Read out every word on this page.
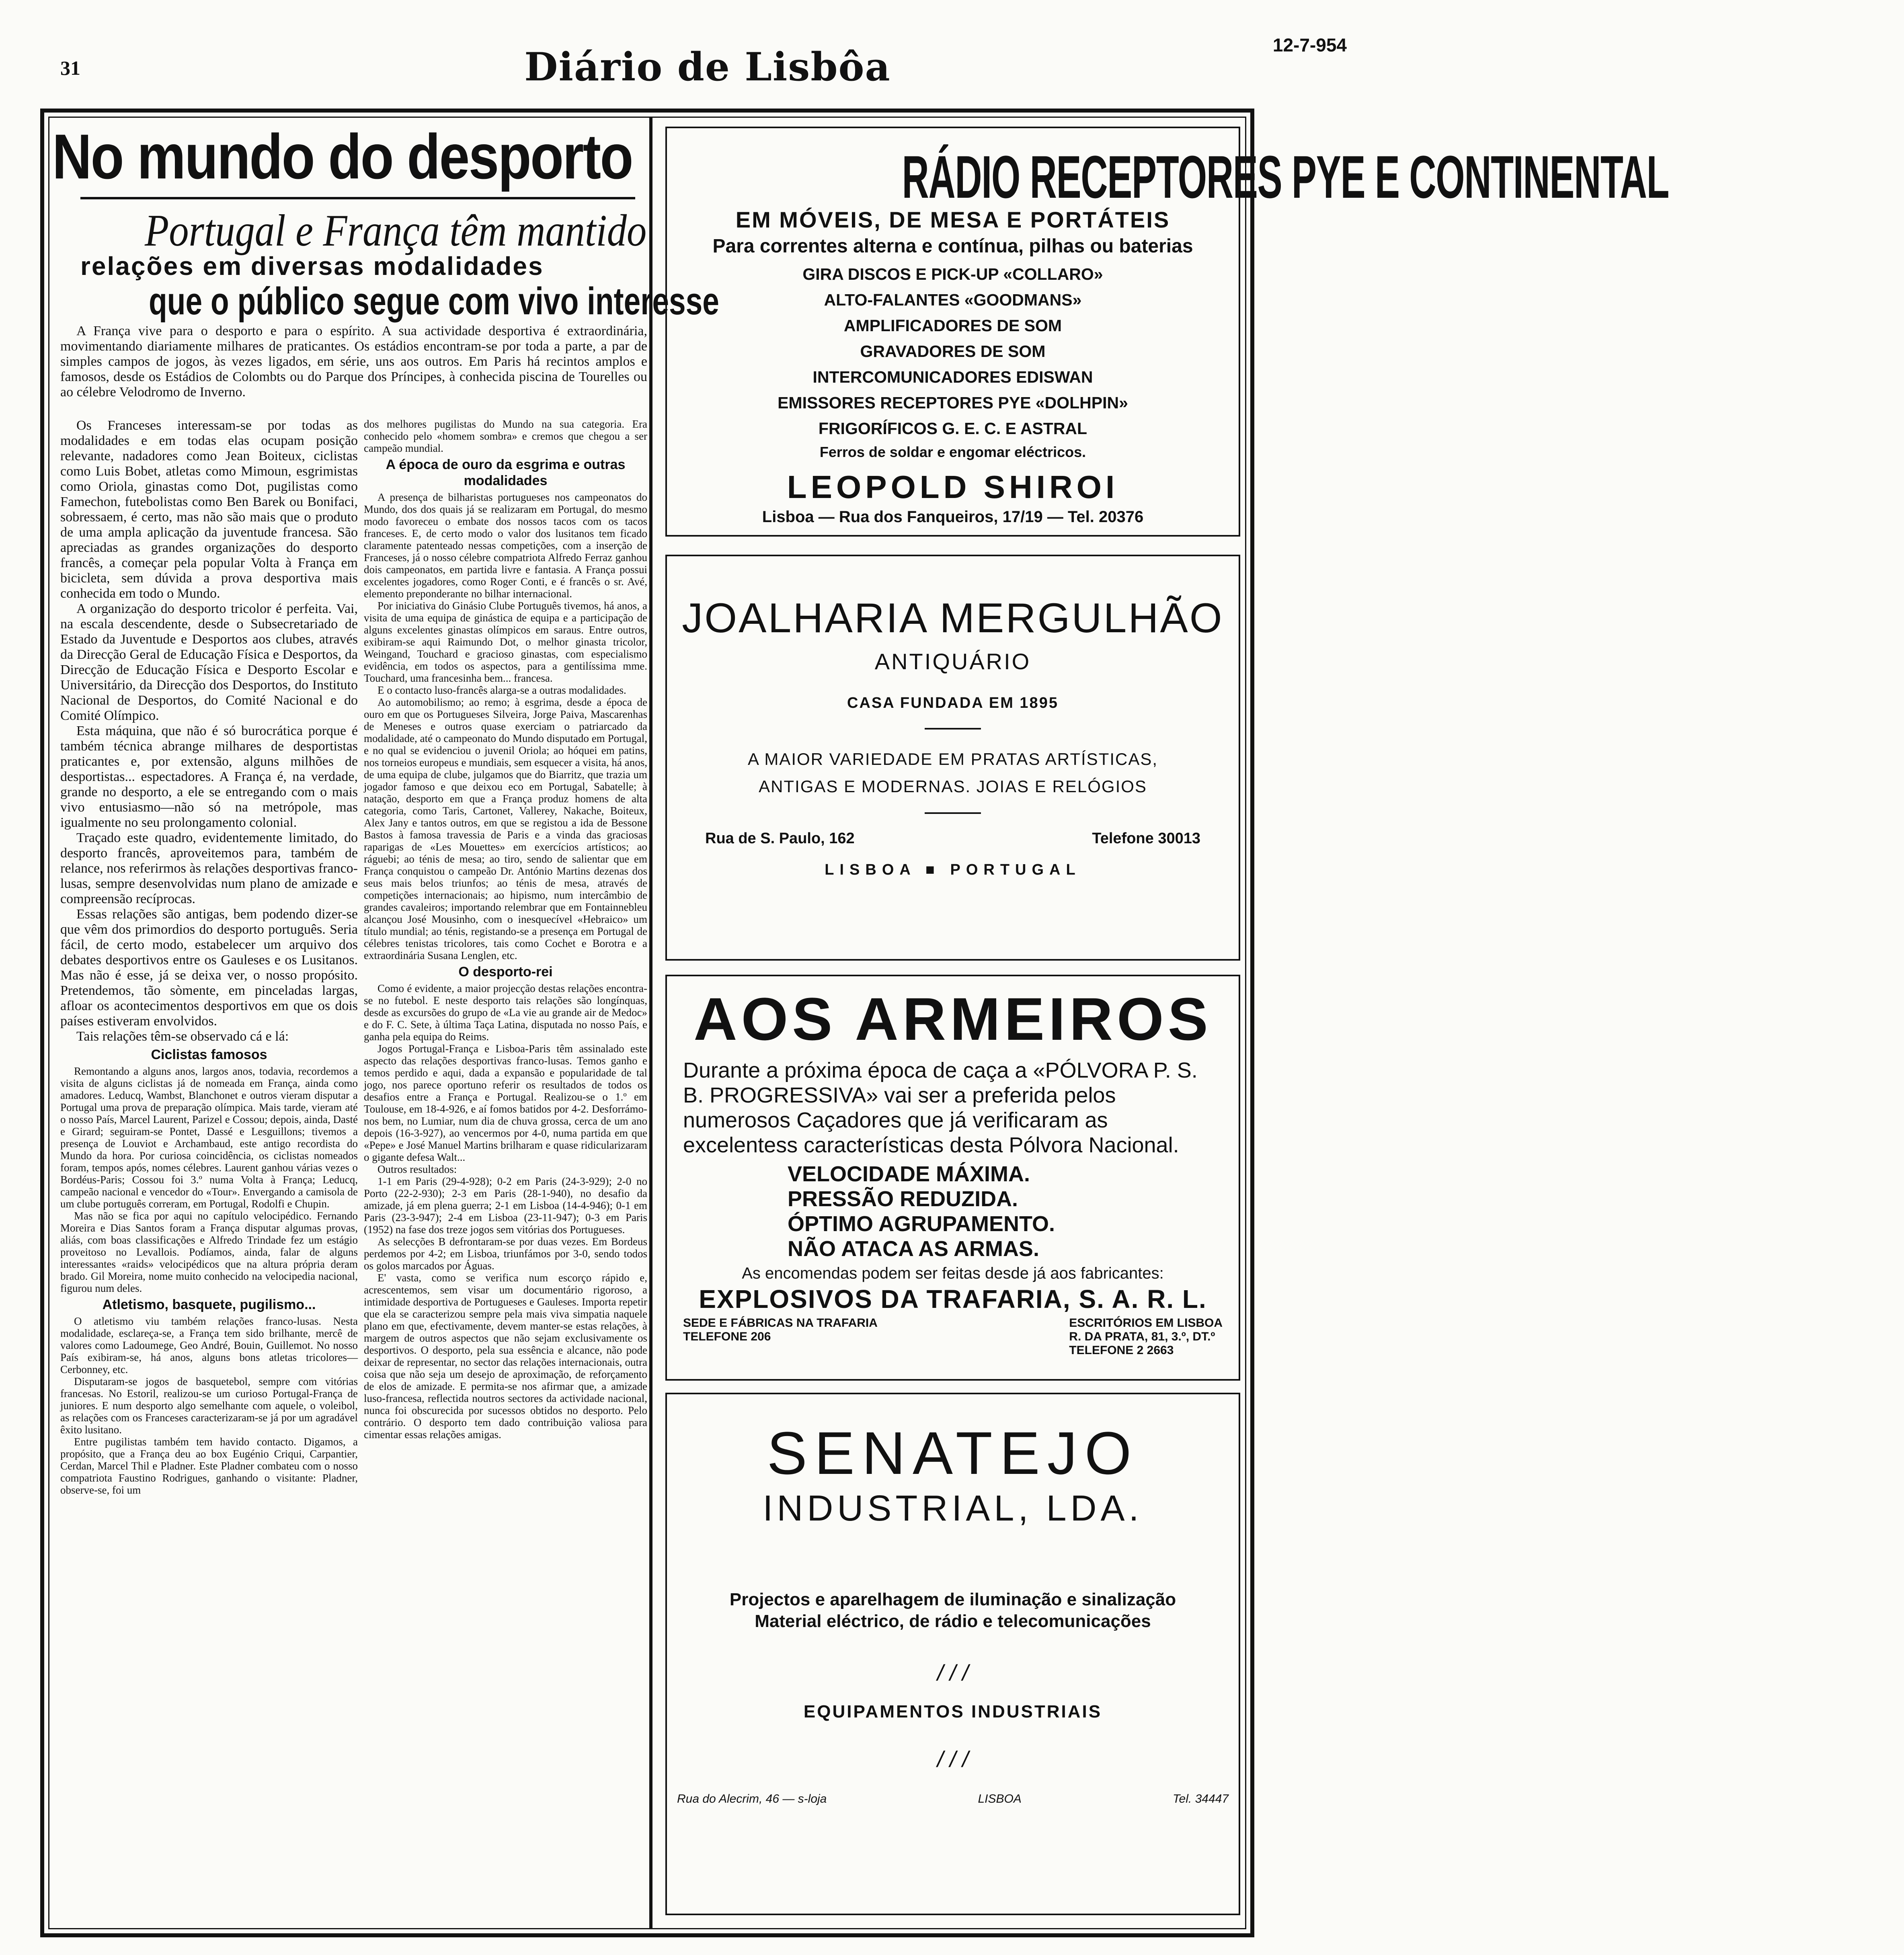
31	Diário de Lisbôa	12-7-954
No mundo do desporto
Portugal e França têm mantido
relações em diversas modalidades
que o público segue com vivo interesse

A França vive para o desporto e para o espírito. A sua actividade desportiva é extraordinária, movimentando diariamente milhares de praticantes. Os estádios encontram-se por toda a parte, a par de simples campos de jogos, às vezes ligados, em série, uns aos outros. Em Paris há recintos amplos e famosos, desde os Estádios de Colombts ou do Parque dos Príncipes, à conhecida piscina de Tourelles ou ao célebre Velodromo de Inverno.

Os Franceses interessam-se por todas as modalidades e em todas elas ocupam posição relevante, nadadores como Jean Boiteux, ciclistas como Luis Bobet, atletas como Mimoun, esgrimistas como Oriola, ginastas como Dot, pugilistas como Famechon, futebolistas como Ben Barek ou Bonifaci, sobressaem, é certo, mas não são mais que o produto de uma ampla aplicação da juventude francesa. São apreciadas as grandes organizações do desporto francês, a começar pela popular Volta à França em bicicleta, sem dúvida a prova desportiva mais conhecida em todo o Mundo.

A organização do desporto tricolor é perfeita. Vai, na escala descendente, desde o Subsecretariado de Estado da Juventude e Desportos aos clubes, através da Direcção Geral de Educação Física e Desportos, da Direcção de Educação Física e Desporto Escolar e Universitário, da Direcção dos Desportos, do Instituto Nacional de Desportos, do Comité Nacional e do Comité Olímpico.

Esta máquina, que não é só burocrática porque é também técnica abrange milhares de desportistas praticantes e, por extensão, alguns milhões de desportistas... espectadores. A França é, na verdade, grande no desporto, a ele se entregando com o mais vivo entusiasmo—não só na metrópole, mas igualmente no seu prolongamento colonial.

Traçado este quadro, evidentemente limitado, do desporto francês, aproveitemos para, também de relance, nos referirmos às relações desportivas franco-lusas, sempre desenvolvidas num plano de amizade e compreensão recíprocas.

Essas relações são antigas, bem podendo dizer-se que vêm dos primordios do desporto português. Seria fácil, de certo modo, estabelecer um arquivo dos debates desportivos entre os Gauleses e os Lusitanos. Mas não é esse, já se deixa ver, o nosso propósito. Pretendemos, tão sòmente, em pinceladas largas, afloar os acontecimentos desportivos em que os dois países estiveram envolvidos.

Tais relações têm-se observado cá e lá:

Ciclistas famosos

Remontando a alguns anos, largos anos, todavia, recordemos a visita de alguns ciclistas já de nomeada em França, ainda como amadores. Leducq, Wambst, Blanchonet e outros vieram disputar a Portugal uma prova de preparação olímpica. Mais tarde, vieram até o nosso País, Marcel Laurent, Parizel e Cossou; depois, ainda, Dasté e Girard; seguiram-se Pontet, Dassé e Lesguillons; tivemos a presença de Louviot e Archambaud, este antigo recordista do Mundo da hora. Por curiosa coincidência, os ciclistas nomeados foram, tempos após, nomes célebres. Laurent ganhou várias vezes o Bordéus-Paris; Cossou foi 3.º numa Volta à França; Leducq, campeão nacional e vencedor do «Tour». Envergando a camisola de um clube português correram, em Portugal, Rodolfi e Chupin.

Mas não se fica por aqui no capítulo velocipédico. Fernando Moreira e Dias Santos foram a França disputar algumas provas, aliás, com boas classificações e Alfredo Trindade fez um estágio proveitoso no Levallois. Podíamos, ainda, falar de alguns interessantes «raids» velocipédicos que na altura própria deram brado. Gil Moreira, nome muito conhecido na velocipedia nacional, figurou num deles.

Atletismo, basquete, pugilismo...

O atletismo viu também relações franco-lusas. Nesta modalidade, esclareça-se, a França tem sido brilhante, mercê de valores como Ladoumege, Geo André, Bouin, Guillemot. No nosso País exibiram-se, há anos, alguns bons atletas tricolores—Cerbonney, etc.

Disputaram-se jogos de basquetebol, sempre com vitórias francesas. No Estoril, realizou-se um curioso Portugal-França de juniores. E num desporto algo semelhante com aquele, o voleibol, as relações com os Franceses caracterizaram-se já por um agradável êxito lusitano.

Entre pugilistas também tem havido contacto. Digamos, a propósito, que a França deu ao box Eugénio Criqui, Carpantier, Cerdan, Marcel Thil e Pladner. Este Pladner combateu com o nosso compatriota Faustino Rodrigues, ganhando o visitante: Pladner, observe-se, foi um

dos melhores pugilistas do Mundo na sua categoria. Era conhecido pelo «homem sombra» e cremos que chegou a ser campeão mundial.

A época de ouro da esgrima e outras modalidades

A presença de bilharistas portugueses nos campeonatos do Mundo, dos dos quais já se realizaram em Portugal, do mesmo modo favoreceu o embate dos nossos tacos com os tacos franceses. E, de certo modo o valor dos lusitanos tem ficado claramente patenteado nessas competições, com a inserção de Franceses, já o nosso célebre compatriota Alfredo Ferraz ganhou dois campeonatos, em partida livre e fantasia. A França possui excelentes jogadores, como Roger Conti, e é francês o sr. Avé, elemento preponderante no bilhar internacional.

Por iniciativa do Ginásio Clube Português tivemos, há anos, a visita de uma equipa de ginástica de equipa e a participação de alguns excelentes ginastas olímpicos em saraus. Entre outros, exibiram-se aqui Raimundo Dot, o melhor ginasta tricolor, Weingand, Touchard e gracioso ginastas, com especialismo evidência, em todos os aspectos, para a gentilíssima mme. Touchard, uma francesinha bem... francesa.

E o contacto luso-francês alarga-se a outras modalidades.

Ao automobilismo; ao remo; à esgrima, desde a época de ouro em que os Portugueses Silveira, Jorge Paiva, Mascarenhas de Meneses e outros quase exerciam o patriarcado da modalidade, até o campeonato do Mundo disputado em Portugal, e no qual se evidenciou o juvenil Oriola; ao hóquei em patins, nos torneios europeus e mundiais, sem esquecer a visita, há anos, de uma equipa de clube, julgamos que do Biarritz, que trazia um jogador famoso e que deixou eco em Portugal, Sabatelle; à natação, desporto em que a França produz homens de alta categoria, como Taris, Cartonet, Vallerey, Nakache, Boiteux, Alex Jany e tantos outros, em que se registou a ida de Bessone Bastos à famosa travessia de Paris e a vinda das graciosas raparigas de «Les Mouettes» em exercícios artísticos; ao ráguebi; ao ténis de mesa; ao tiro, sendo de salientar que em França conquistou o campeão Dr. António Martins dezenas dos seus mais belos triunfos; ao ténis de mesa, através de competições internacionais; ao hipismo, num intercâmbio de grandes cavaleiros; importando relembrar que em Fontainnebleu alcançou José Mousinho, com o inesquecível «Hebraico» um título mundial; ao ténis, registando-se a presença em Portugal de célebres tenistas tricolores, tais como Cochet e Borotra e a extraordinária Susana Lenglen, etc.

O desporto-rei

Como é evidente, a maior projecção destas relações encontra-se no futebol. E neste desporto tais relações são longínquas, desde as excursões do grupo de «La vie au grande air de Medoc» e do F. C. Sete, à última Taça Latina, disputada no nosso País, e ganha pela equipa do Reims.

Jogos Portugal-França e Lisboa-Paris têm assinalado este aspecto das relações desportivas franco-lusas. Temos ganho e temos perdido e aqui, dada a expansão e popularidade de tal jogo, nos parece oportuno referir os resultados de todos os desafios entre a França e Portugal. Realizou-se o 1.º em Toulouse, em 18-4-926, e aí fomos batidos por 4-2. Desforrámo-nos bem, no Lumiar, num dia de chuva grossa, cerca de um ano depois (16-3-927), ao vencermos por 4-0, numa partida em que «Pepe» e José Manuel Martins brilharam e quase ridicularizaram o gigante defesa Walt...

Outros resultados:

1-1 em Paris (29-4-928); 0-2 em Paris (24-3-929); 2-0 no Porto (22-2-930); 2-3 em Paris (28-1-940), no desafio da amizade, já em plena guerra; 2-1 em Lisboa (14-4-946); 0-1 em Paris (23-3-947); 2-4 em Lisboa (23-11-947); 0-3 em Paris (1952) na fase dos treze jogos sem vitórias dos Portugueses.

As selecções B defrontaram-se por duas vezes. Em Bordeus perdemos por 4-2; em Lisboa, triunfámos por 3-0, sendo todos os golos marcados por Águas.

E' vasta, como se verifica num escorço rápido e, acrescentemos, sem visar um documentário rigoroso, a intimidade desportiva de Portugueses e Gauleses. Importa repetir que ela se caracterizou sempre pela mais viva simpatia naquele plano em que, efectivamente, devem manter-se estas relações, à margem de outros aspectos que não sejam exclusivamente os desportivos. O desporto, pela sua essência e alcance, não pode deixar de representar, no sector das relações internacionais, outra coisa que não seja um desejo de aproximação, de reforçamento de elos de amizade. E permita-se nos afirmar que, a amizade luso-francesa, reflectida noutros sectores da actividade nacional, nunca foi obscurecida por sucessos obtidos no desporto. Pelo contrário. O desporto tem dado contribuição valiosa para cimentar essas relações amigas.

RÁDIO RECEPTORES PYE E CONTINENTAL
EM MÓVEIS, DE MESA E PORTÁTEIS
Para correntes alterna e contínua, pilhas ou baterias
GIRA DISCOS E PICK-UP «COLLARO»
ALTO-FALANTES «GOODMANS»
AMPLIFICADORES DE SOM
GRAVADORES DE SOM
INTERCOMUNICADORES EDISWAN
EMISSORES RECEPTORES PYE «DOLHPIN»
FRIGORÍFICOS G. E. C. E ASTRAL
Ferros de soldar e engomar eléctricos.
LEOPOLD SHIROI
Lisboa — Rua dos Fanqueiros, 17/19 — Tel. 20376
JOALHARIA MERGULHÃO
ANTIQUÁRIO
CASA FUNDADA EM 1895
A MAIOR VARIEDADE EM PRATAS ARTÍSTICAS,
ANTIGAS E MODERNAS. JOIAS E RELÓGIOS
Rua de S. Paulo, 162	Telefone 30013
LISBOA ■ PORTUGAL
AOS ARMEIROS
Durante a próxima época de caça a «PÓLVORA P. S. B. PROGRESSIVA» vai ser a preferida pelos numerosos Caçadores que já verificaram as excelentess características desta Pólvora Nacional.
VELOCIDADE MÁXIMA.
PRESSÃO REDUZIDA.
ÓPTIMO AGRUPAMENTO.
NÃO ATACA AS ARMAS.
As encomendas podem ser feitas desde já aos fabricantes:
EXPLOSIVOS DA TRAFARIA, S. A. R. L.
SEDE E FÁBRICAS NA TRAFARIA
TELEFONE 206
ESCRITÓRIOS EM LISBOA
R. DA PRATA, 81, 3.º, DT.º
TELEFONE 2 2663
SENATEJO
INDUSTRIAL, LDA.
Projectos e aparelhagem de iluminação e sinalização
Material eléctrico, de rádio e telecomunicações
/ / /
EQUIPAMENTOS INDUSTRIAIS
/ / /
Rua do Alecrim, 46 — s-loja	LISBOA	Tel. 34447
